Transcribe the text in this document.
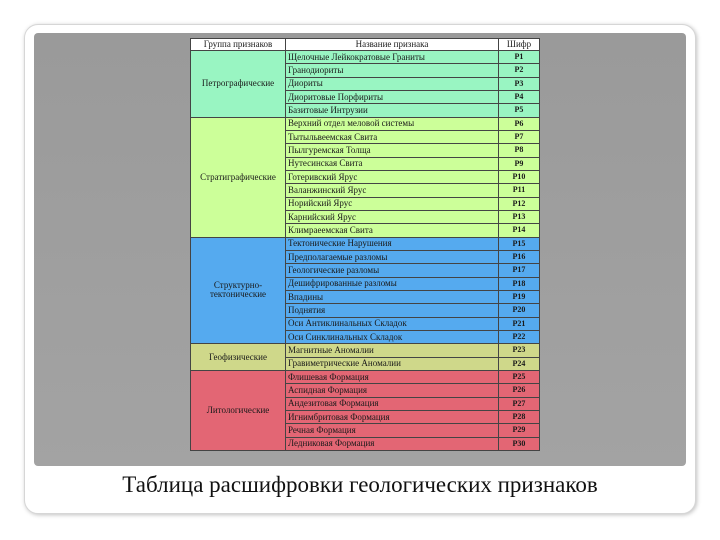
Группа признаков	Название признака	Шифр
Петрографические	Щелочные Лейкократовые Граниты	P1
	Гранодиориты	P2
	Диориты	P3
	Диоритовые Порфириты	P4
	Базитовые Интрузии	P5
Стратиграфические	Верхний отдел меловой системы	P6
	Тытыльвеемская Свита	P7
	Пылгуремская Толща	P8
	Нутесинская Свита	P9
	Готеривский Ярус	P10
	Валанжинский Ярус	P11
	Норийский Ярус	P12
	Карнийский Ярус	P13
	Климраеемская Свита	P14
Структурно-тектонические	Тектонические Нарушения	P15
	Предполагаемые разломы	P16
	Геологические разломы	P17
	Дешифрированные разломы	P18
	Впадины	P19
	Поднятия	P20
	Оси Антиклинальных Складок	P21
	Оси Синклинальных Складок	P22
Геофизические	Магнитные Аномалии	P23
	Гравиметрические Аномалии	P24
Литологические	Флишевая Формация	P25
	Аспидная Формация	P26
	Андезитовая Формация	P27
	Игнимбритовая Формация	P28
	Речная Формация	P29
	Ледниковая Формация	P30
Таблица расшифровки геологических признаков
